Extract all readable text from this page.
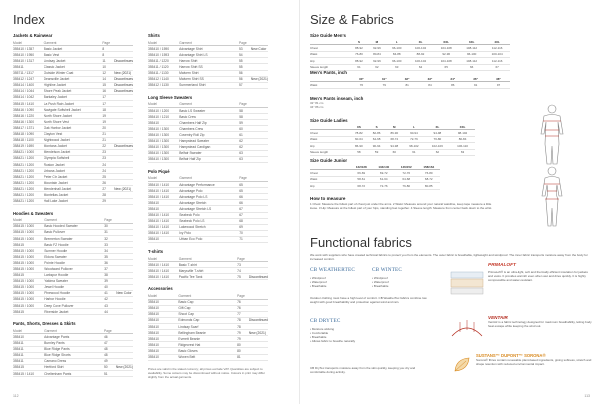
Index
Jackets & Rainwear
Model	Garment	Page	
355410 / 1357	Basic Jacket	8	
355410 / 1950	Basic Vest	8	
355410 / 1317	Lindsay Jacket	11	Discontinues
355411	Classic Jacket	10	
355711 / 1317	Outside Winter Coat	12	New (2021)
355412 / 1247	Deansville Jacket	14	Discontinues
355414 / 1400	Highline Jacket	15	Discontinues
355414 / 1044	Shore Peak Jacket	16	Discontinues
355414 / 1042	Barkaley Jacket	17	
355415 / 1410	La Push Rain Jacket	17	
358416 / 1090	Navigate Softshell Jacket	18	
358416 / 1220	North Shore Jacket	19	
358416 / 1300	North Shore Vest	19	
358417 / 1371	Oak Harbor Jacket	20	
358418 / 1090	Clayton Vest	21	
358418 / 1100	Nightwood Jacket	21	
358419 / 1690	Montana Jacket	22	Discontinues
358421 / 1000	Mendelson Jacket	23	
358421 / 1200	Olympia Softshell	23	
358421 / 1200	Ruston Jacket	24	
358421 / 1200	Urbana Jacket	24	
358421 / 1200	Peter Ctr Jacket	25	
358421 / 1200	Mountain Jacket	26	
358421 / 1200	Mendenhall Jacket	27	New (2021)
358421 / 1200	Montellas Jacket	28	
358421 / 1200	Hall Lake Jacket	29	
Hoodies & Sweaters
Model	Garment	Page	
355415 / 1000	Basic Hooded Sweater	30	
355415 / 1000	Basic Pullover	31	
355415 / 1000	Bremerton Sweater	32	
355415	Basic FZ Hoodie	33	
355415 / 1000	Sumner Hoodie	34	
355415 / 1000	Eldora Sweater	35	
355415 / 1000	Pointe Hoodie	36	
355415 / 1000	Woodward Pullover	37	
355415	Larkspur Hoodie	38	
355415 / 1000	Yakima Sweater	39	
355415 / 1000	Jewel Hoodie	40	
355415 / 1000	Pinewood Hoodie	41	New Color
355415 / 1000	Harbor Hoodie	42	
355415 / 1000	Deep Cove Pullover	43	
355415	Riverside Jacket	44	
Pants, Shorts, Dresses & Skirts
Model	Garment	Page	
355410	Advantage Pants	46	
355411	Burnley Pants	47	
355411	Blue Ridge Pants	48	
355411	Blue Ridge Shorts	48	
355411	Camano Dress	49	
355415	Hertford Skirt	50	New (2021)
355415 / 1410	Cheltenham Pants	51	
Shirts
Model	Garment	Page	
355410 / 1590	Advantage Shirt	53	New Color
355410 / 1593	Advantage Shirt LS	54	
355411 / 1220	Harrow Shirt	55	
355411 / 1120	Harrow Shirt SS	55	
355411 / 1130	Malvern Shirt	56	
355412 / 1140	Malvern Shirt SS	56	New (2021)
355412 / 1130	Summerland Shirt	57	
Long Sleeve Sweaters
Model	Garment	Page	
355410 / 1200	Basic LS Sweater	58	
355410 / 1210	Basic Crew	58	
355410	Chambers Half Zip	59	
355410 / 1300	Chambers Crew	60	
355410 / 1300	Coventry Roll Zip	61	
355410 / 1300	Hampstead Sweater	62	
355410 / 1300	Hampstead Cardigan	62	
355410 / 1300	Belfair Sweater	63	
355410 / 1300	Belfair Half Zip	63	
Polo Piqué
Model	Garment	Page	
355410 / 1410	Advantage Performance	65	
355410 / 1410	Advantage Polo	65	
355410 / 1410	Advantage Polo LS	66	
355410	Advantage Stretch	66	
355410	Advantage Stretch LS	67	
355410 / 1410	Seabeck Polo	67	
355410 / 1410	Seabeck Polo LS	68	
355410 / 1410	Lakewood Stretch	69	
355410 / 1410	Ivy Polo	70	
355410	Urban Eco Polo	71	
T-shirts
Model	Garment	Page	
355410 / 1410	Basic T-shirt	73	
355410 / 1410	Marysville T-shirt	74	
355410 / 1410	Pacific Tee Tank	75	Discontinued
Accessories
Model	Garment	Page	
355410	Basic Cap	76	
355410	Gift Cap	76	
355410	Shoot Cap	77	
355410	Edmonds Cap	78	Discontinued
355410	Lindsay Scarf	78	
355410	Bellingham Beanie	79	New (2021)
355410	Everett Beanie	79	
355410	Ridgecrest Hat	80	
355410	Basic Gloves	80	
355410	Woven Belt	81	
Prices are valid in the stated currency; all prices exclude VAT. Quantities are subject to availability. Some colours may be discontinued without notice. Colours in print may differ slightly from the actual garments.
112
Size & Fabrics
Size Guide Men's
	S	M	L	XL	XXL	3XL	4XL
Chest	88-92	92-96	96-100	100-104	104-108	108-112	112-116
Waist	76-80	80-84	84-88	88-92	92-96	96-100	100-104
Hip	88-92	92-96	96-100	100-104	104-108	108-112	112-116
Sleeve length	61	62	63	64	65	66	67
Men's Pants, inch
	30"	31"	32"	33"	34"	36"	38"
Waist	76	79	81	84	86	91	97
Men's Pants inseam, inch
32" 81 cm
34" 86 cm
Size Guide Ladies
	XS	S	M	L	XL	XXL
Chest	78-82	82-86	86-90	90-94	94-98	98-102
Waist	60-64	64-68	68-72	72-76	76-80	80-84
Hip	86-90	90-94	94-98	98-102	102-106	106-110
Sleeve length	58	59	60	61	62	63
Size Guide Junior
	122/128	134/140	146/152	158/164
Chest	66-69	69-72	72-76	76-80
Waist	58-61	61-64	64-68	68-72
Hip	68-72	72-76	76-80	80-85
How to measure
1 Chest: Measure the fullest part of chest just under the arms. 2 Waist: Measure around your natural waistline, keep tape measure a little loose. 3 Hip: Measure at the fullest part of your hips, standing feet together. 4 Sleeve length: Measure from center back down to the wrist.
Functional fabrics
We work with suppliers who have created technical fabrics to protect you from the elements. The outer fabric is breathable, lightweight and windproof. The inner fabric transports moisture away from the body for increased comfort.
CB WEATHERTEC
• Windproof
• Waterproof
• Breathable
CB WINTEC
• Windproof
• Waterproof
• Breathable
Outdoor clothing must have a high level of comfort. CB WeatherTec fabrics combine low weight with good breathability and protection against wind and rain.
CB DRYTEC
• Moisture wicking
• Comfortable
• Breathable
• Allows fabric to breathe naturally
CB DryTec transports moisture away from the skin quickly, keeping you dry and comfortable during activity.
PRIMALOFT
PrimaLoft® is an ultra-light, soft and thermally efficient insulation for jackets and vests. It provides warmth even when wet and dries quickly. It is highly compressible and water-resistant.
VENTAIR
VentAir is a fabric technology designed for maximum breathability, letting body heat escape while keeping the wind out.
SUSTANS™ DUPONT™ SORONA®
Sorona® fibres contain renewable plant-based ingredients, giving softness, stretch and shape retention with reduced environmental impact.
113
